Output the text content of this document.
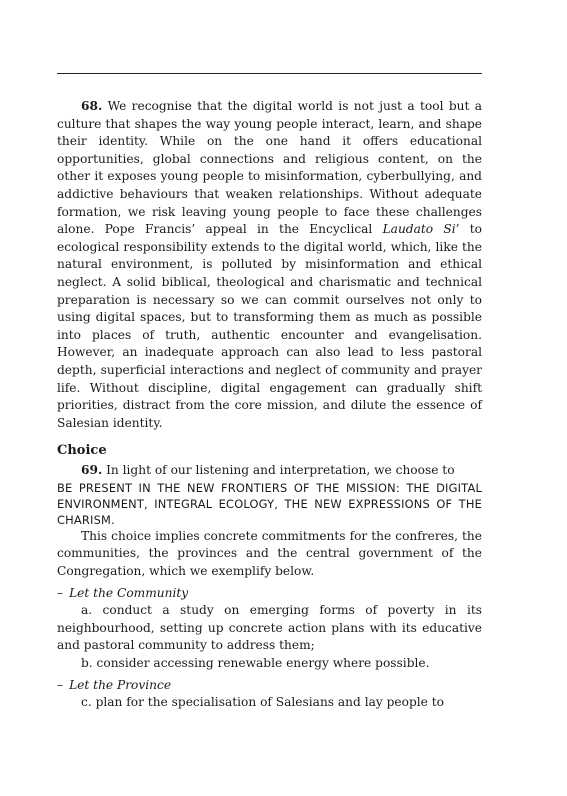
68. We recognise that the digital world is not just a tool but a culture that shapes the way young people interact, learn, and shape their identity. While on the one hand it offers educational opportunities, global connections and religious content, on the other it exposes young people to misinformation, cyberbullying, and addictive behaviours that weaken relationships. Without adequate formation, we risk leaving young people to face these challenges alone. Pope Francis’ appeal in the Encyclical Laudato Si’ to ecological responsibility extends to the digital world, which, like the natural environment, is polluted by misinformation and ethical neglect. A solid biblical, theological and charismatic and technical preparation is necessary so we can commit ourselves not only to using digital spaces, but to transforming them as much as possible into places of truth, authentic encounter and evangelisation. However, an inadequate approach can also lead to less pastoral depth, superficial interactions and neglect of community and prayer life. Without discipline, digital engagement can gradually shift priorities, distract from the core mission, and dilute the essence of Salesian identity.

Choice

69. In light of our listening and interpretation, we choose to

BE PRESENT IN THE NEW FRONTIERS OF THE MISSION: THE DIGITAL ENVIRONMENT, INTEGRAL ECOLOGY, THE NEW EXPRESSIONS OF THE CHARISM.

This choice implies concrete commitments for the confreres, the communities, the provinces and the central government of the Congregation, which we exemplify below.

– Let the Community

a. conduct a study on emerging forms of poverty in its neighbourhood, setting up concrete action plans with its educative and pastoral community to address them;

b. consider accessing renewable energy where possible.

– Let the Province

c. plan for the specialisation of Salesians and lay people to
